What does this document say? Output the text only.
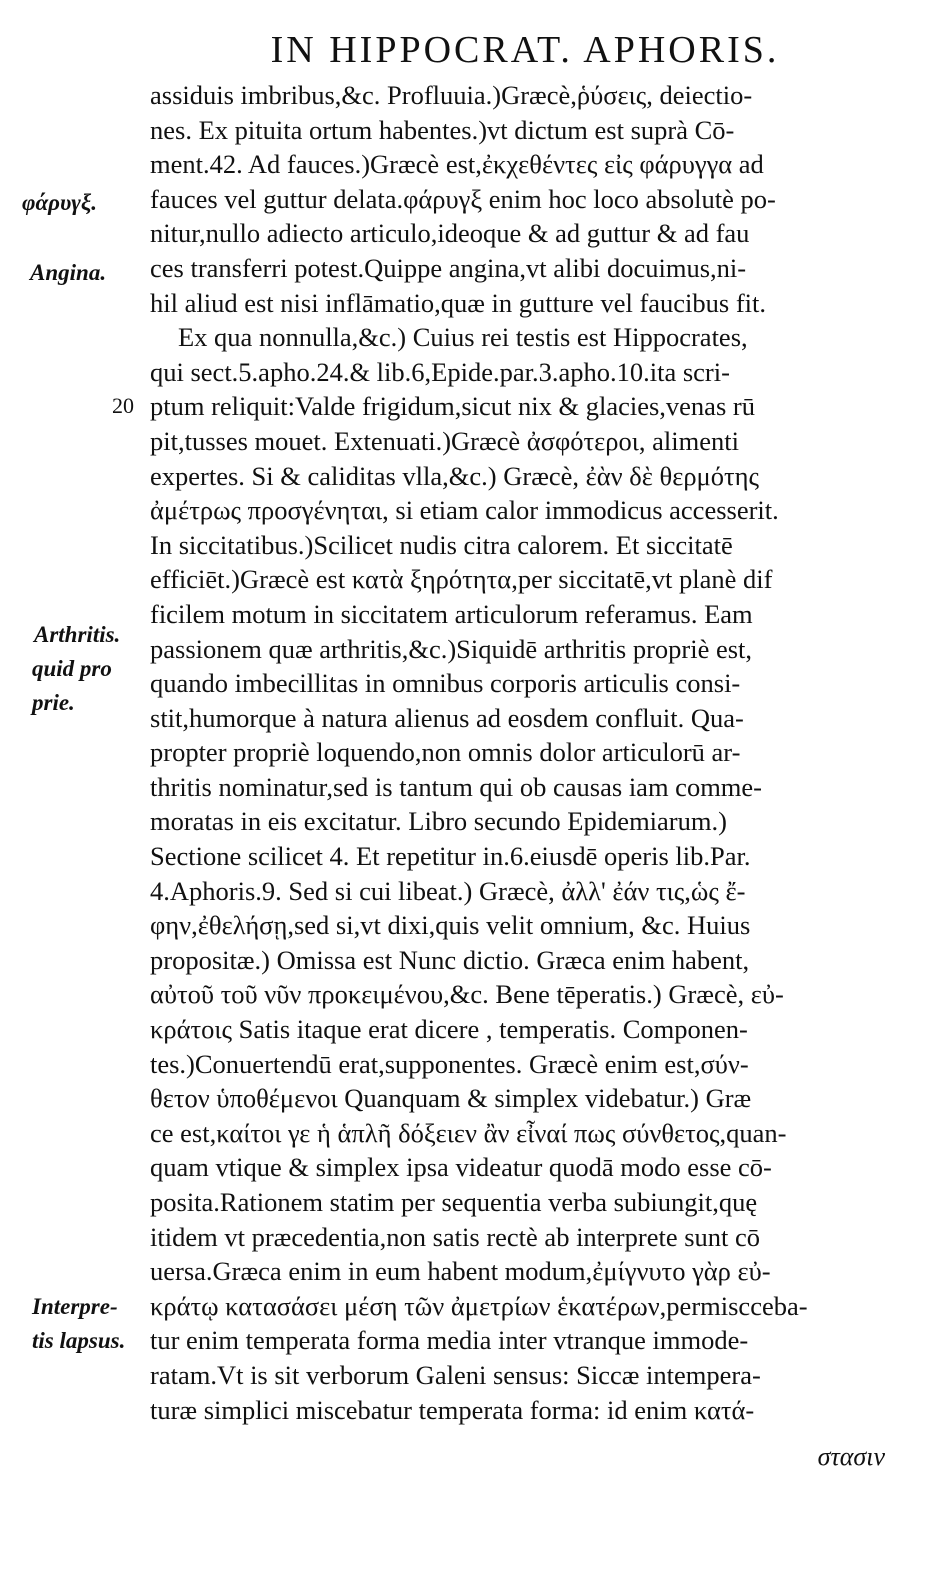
IN HIPPOCRAT. APHORIS.
20
φάρυγξ.
Angina.
Arthritis.
quid pro
prie.
Interpre-
tis lapsus.
assiduis imbribus,&c. Profluuia.)Græcè,ῥύσεις, deiectio-
nes. Ex pituita ortum habentes.)vt dictum est suprà Cō-
ment.42. Ad fauces.)Græcè est,ἐκχεθέντες εἰς φάρυγγα ad
fauces vel guttur delata.φάρυγξ enim hoc loco absolutè po-
nitur,nullo adiecto articulo,ideoque & ad guttur & ad fau
ces transferri potest.Quippe angina,vt alibi docuimus,ni-
hil aliud est nisi inflāmatio,quæ in gutture vel faucibus fit.
Ex qua nonnulla,&c.) Cuius rei testis est Hippocrates,
qui sect.5.apho.24.& lib.6,Epide.par.3.apho.10.ita scri-
ptum reliquit:Valde frigidum,sicut nix & glacies,venas rū
pit,tusses mouet. Extenuati.)Græcè ἀσφότεροι, alimenti
expertes. Si & caliditas vlla,&c.) Græcè, ἐὰν δὲ θερμότης
ἀμέτρως προσγένηται, si etiam calor immodicus accesserit.
In siccitatibus.)Scilicet nudis citra calorem. Et siccitatē
efficiēt.)Græcè est κατὰ ξηρότητα,per siccitatē,vt planè dif
ficilem motum in siccitatem articulorum referamus. Eam
passionem quæ arthritis,&c.)Siquidē arthritis propriè est,
quando imbecillitas in omnibus corporis articulis consi-
stit,humorque à natura alienus ad eosdem confluit. Qua-
propter propriè loquendo,non omnis dolor articulorū ar-
thritis nominatur,sed is tantum qui ob causas iam comme-
moratas in eis excitatur. Libro secundo Epidemiarum.)
Sectione scilicet 4. Et repetitur in.6.eiusdē operis lib.Par.
4.Aphoris.9. Sed si cui libeat.) Græcè, ἀλλ' ἐάν τις,ὡς ἔ-
φην,ἐθελήσῃ,sed si,vt dixi,quis velit omnium, &c. Huius
propositæ.) Omissa est Nunc dictio. Græca enim habent,
αὐτοῦ τοῦ νῦν προκειμένου,&c. Bene tēperatis.) Græcè, εὐ-
κράτοις Satis itaque erat dicere , temperatis. Componen-
tes.)Conuertendū erat,supponentes. Græcè enim est,σύν-
θετον ὑποθέμενοι Quanquam & simplex videbatur.) Græ
ce est,καίτοι γε ἡ ἁπλῆ δόξειεν ἂν εἶναί πως σύνθετος,quan-
quam vtique & simplex ipsa videatur quodā modo esse cō-
posita.Rationem statim per sequentia verba subiungit,quę
itidem vt præcedentia,non satis rectè ab interprete sunt cō
uersa.Græca enim in eum habent modum,ἐμίγνυτο γὰρ εὐ-
κράτῳ κατασάσει μέση τῶν ἀμετρίων ἑκατέρων,permiscceba-
tur enim temperata forma media inter vtranque immode-
ratam.Vt is sit verborum Galeni sensus: Siccæ intempera-
turæ simplici miscebatur temperata forma: id enim κατά-
στασιν
